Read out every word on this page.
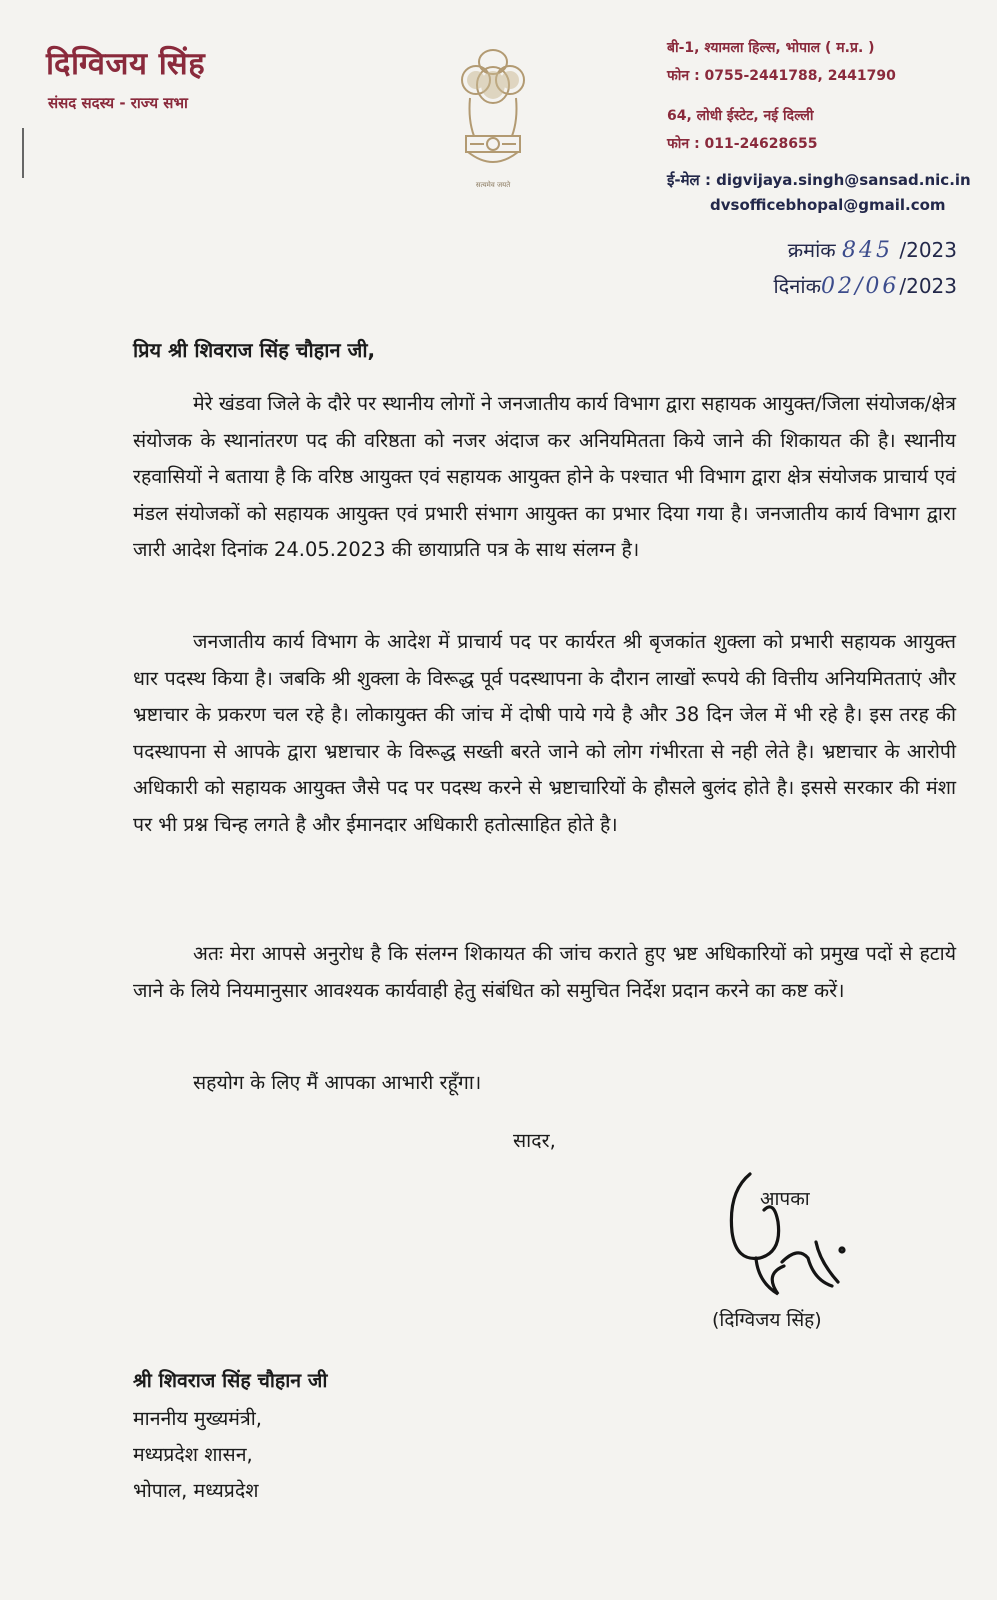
दिग्विजय सिंह
संसद सदस्य - राज्य सभा
सत्यमेव जयते
बी-1, श्यामला हिल्स, भोपाल ( म.प्र. )
फोन : 0755-2441788, 2441790
64, लोधी ईस्टेट, नई दिल्ली
फोन : 011-24628655
ई-मेल : digvijaya.singh@sansad.nic.in
dvsofficebhopal@gmail.com
क्रमांक 845 /2023
दिनांक02/06/2023
प्रिय श्री शिवराज सिंह चौहान जी,

मेरे खंडवा जिले के दौरे पर स्थानीय लोगों ने जनजातीय कार्य विभाग द्वारा सहायक आयुक्त/जिला संयोजक/क्षेत्र संयोजक के स्थानांतरण पद की वरिष्ठता को नजर अंदाज कर अनियमितता किये जाने की शिकायत की है। स्थानीय रहवासियों ने बताया है कि वरिष्ठ आयुक्त एवं सहायक आयुक्त होने के पश्चात भी विभाग द्वारा क्षेत्र संयोजक प्राचार्य एवं मंडल संयोजकों को सहायक आयुक्त एवं प्रभारी संभाग आयुक्त का प्रभार दिया गया है। जनजातीय कार्य विभाग द्वारा जारी आदेश दिनांक 24.05.2023 की छायाप्रति पत्र के साथ संलग्न है।

जनजातीय कार्य विभाग के आदेश में प्राचार्य पद पर कार्यरत श्री बृजकांत शुक्ला को प्रभारी सहायक आयुक्त धार पदस्थ किया है। जबकि श्री शुक्ला के विरूद्ध पूर्व पदस्थापना के दौरान लाखों रूपये की वित्तीय अनियमितताएं और भ्रष्टाचार के प्रकरण चल रहे है। लोकायुक्त की जांच में दोषी पाये गये है और 38 दिन जेल में भी रहे है। इस तरह की पदस्थापना से आपके द्वारा भ्रष्टाचार के विरूद्ध सख्ती बरते जाने को लोग गंभीरता से नही लेते है। भ्रष्टाचार के आरोपी अधिकारी को सहायक आयुक्त जैसे पद पर पदस्थ करने से भ्रष्टाचारियों के हौसले बुलंद होते है। इससे सरकार की मंशा पर भी प्रश्न चिन्ह लगते है और ईमानदार अधिकारी हतोत्साहित होते है।

अतः मेरा आपसे अनुरोध है कि संलग्न शिकायत की जांच कराते हुए भ्रष्ट अधिकारियों को प्रमुख पदों से हटाये जाने के लिये नियमानुसार आवश्यक कार्यवाही हेतु संबंधित को समुचित निर्देश प्रदान करने का कष्ट करें।

सहयोग के लिए मैं आपका आभारी रहूँगा।
सादर,
आपका
(दिग्विजय सिंह)
श्री शिवराज सिंह चौहान जी
माननीय मुख्यमंत्री,
मध्यप्रदेश शासन,
भोपाल, मध्यप्रदेश
